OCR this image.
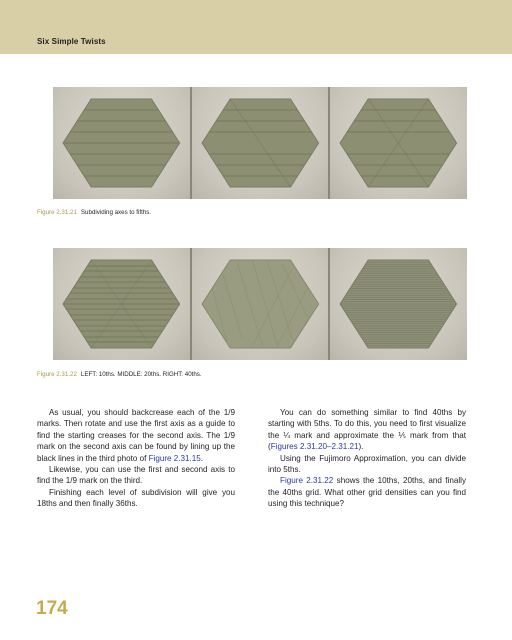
Six Simple Twists
Figure 2.31.21 Subdividing axes to fifths.
Figure 2.31.22 LEFT: 10ths. MIDDLE: 20ths. RIGHT: 40ths.

As usual, you should backcrease each of the 1/9 marks. Then rotate and use the first axis as a guide to find the starting creases for the second axis. The 1/9 mark on the second axis can be found by lining up the black lines in the third photo of Figure 2.31.15.

Likewise, you can use the first and second axis to find the 1/9 mark on the third.

Finishing each level of subdivision will give you 18ths and then finally 36ths.

You can do something similar to find 40ths by starting with 5ths. To do this, you need to first visualize the ¼ mark and approximate the ⅕ mark from that (Figures 2.31.20–2.31.21).

Using the Fujimoro Approximation, you can divide into 5ths.

Figure 2.31.22 shows the 10ths, 20ths, and finally the 40ths grid. What other grid densities can you find using this technique?

174
